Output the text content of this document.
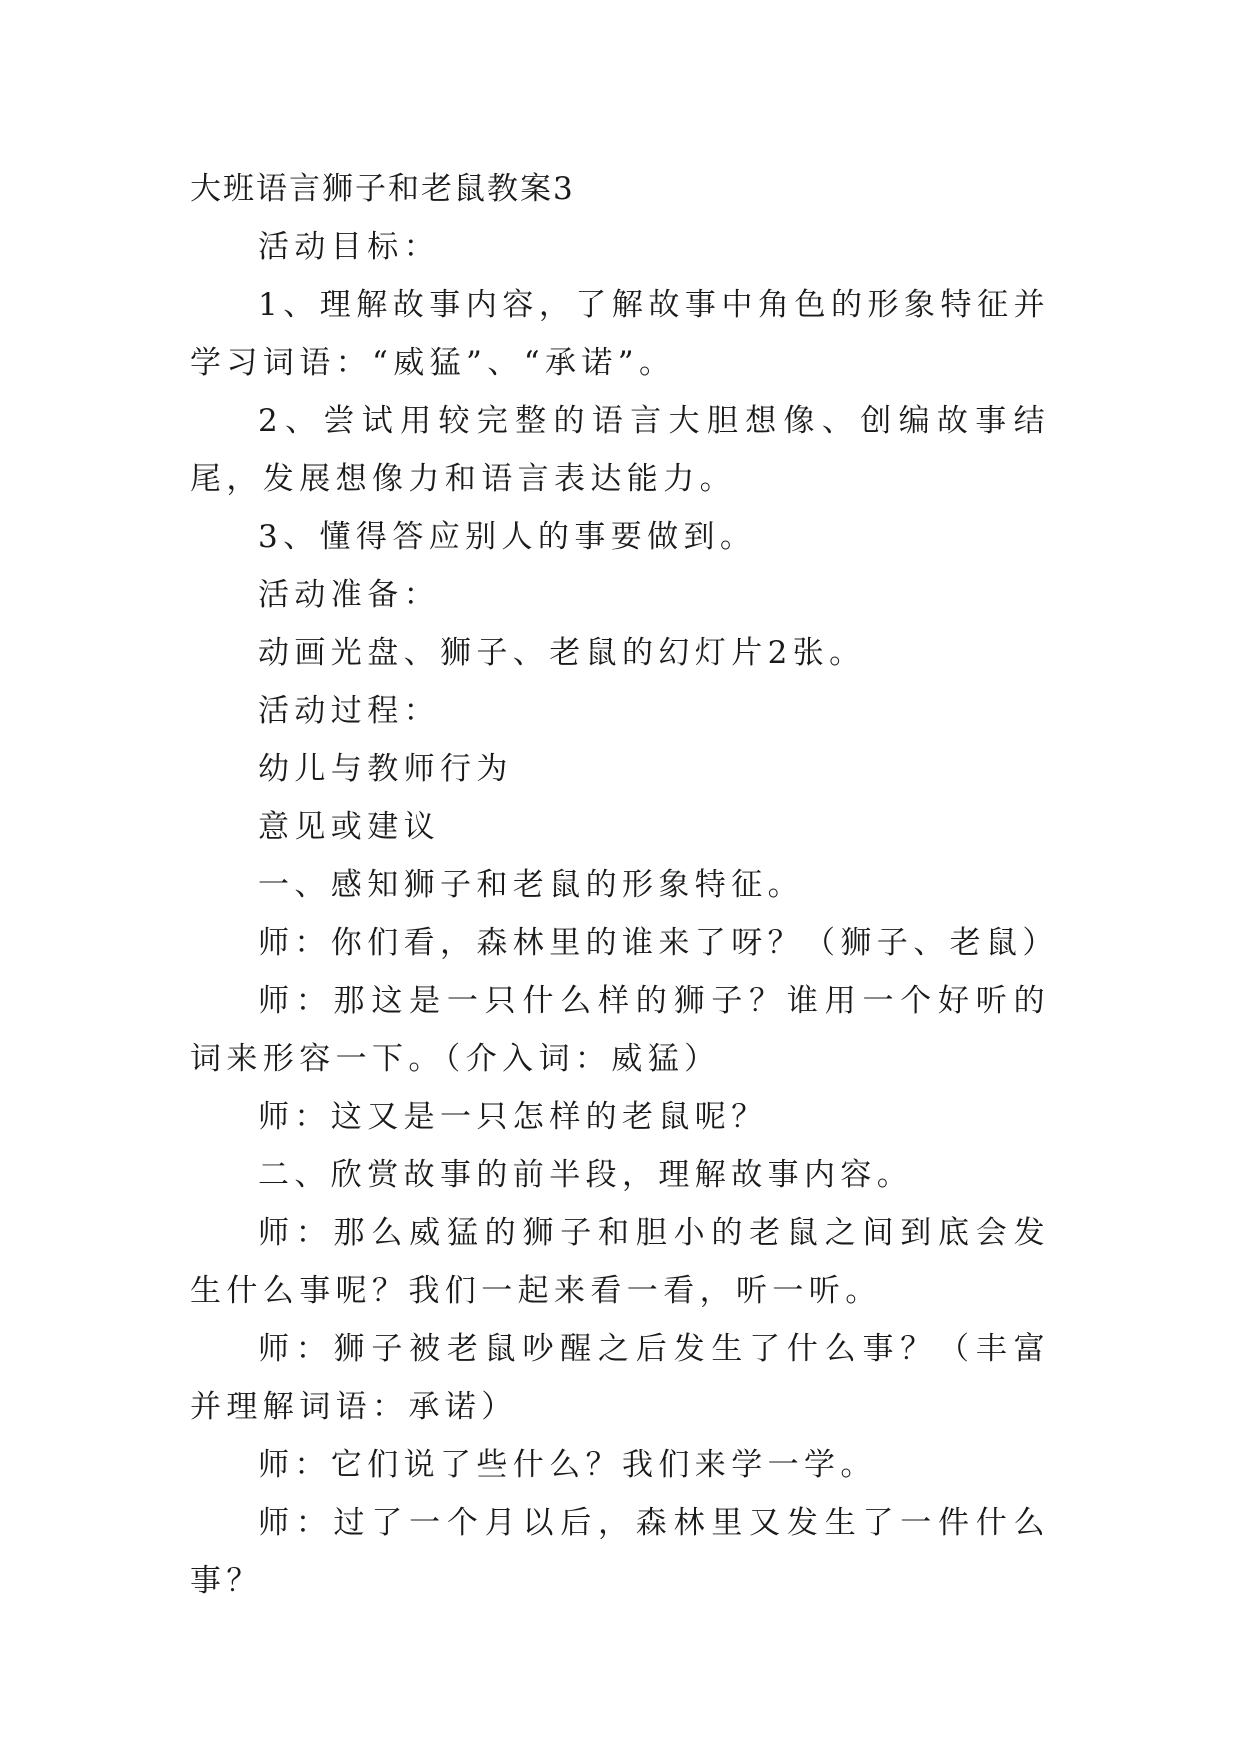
大班语言狮子和老鼠教案3
活动目标：
1、理解故事内容，了解故事中角色的形象特征并学习词语：“威猛”、“承诺”。
2、尝试用较完整的语言大胆想像、创编故事结尾，发展想像力和语言表达能力。
3、懂得答应别人的事要做到。
活动准备：
动画光盘、狮子、老鼠的幻灯片2张。
活动过程：
幼儿与教师行为
意见或建议
一、感知狮子和老鼠的形象特征。
师：你们看，森林里的谁来了呀？（狮子、老鼠）
师：那这是一只什么样的狮子？谁用一个好听的词来形容一下。（介入词：威猛）
师：这又是一只怎样的老鼠呢？
二、欣赏故事的前半段，理解故事内容。
师：那么威猛的狮子和胆小的老鼠之间到底会发生什么事呢？我们一起来看一看，听一听。
师：狮子被老鼠吵醒之后发生了什么事？（丰富并理解词语：承诺）
师：它们说了些什么？我们来学一学。
师：过了一个月以后，森林里又发生了一件什么事？
